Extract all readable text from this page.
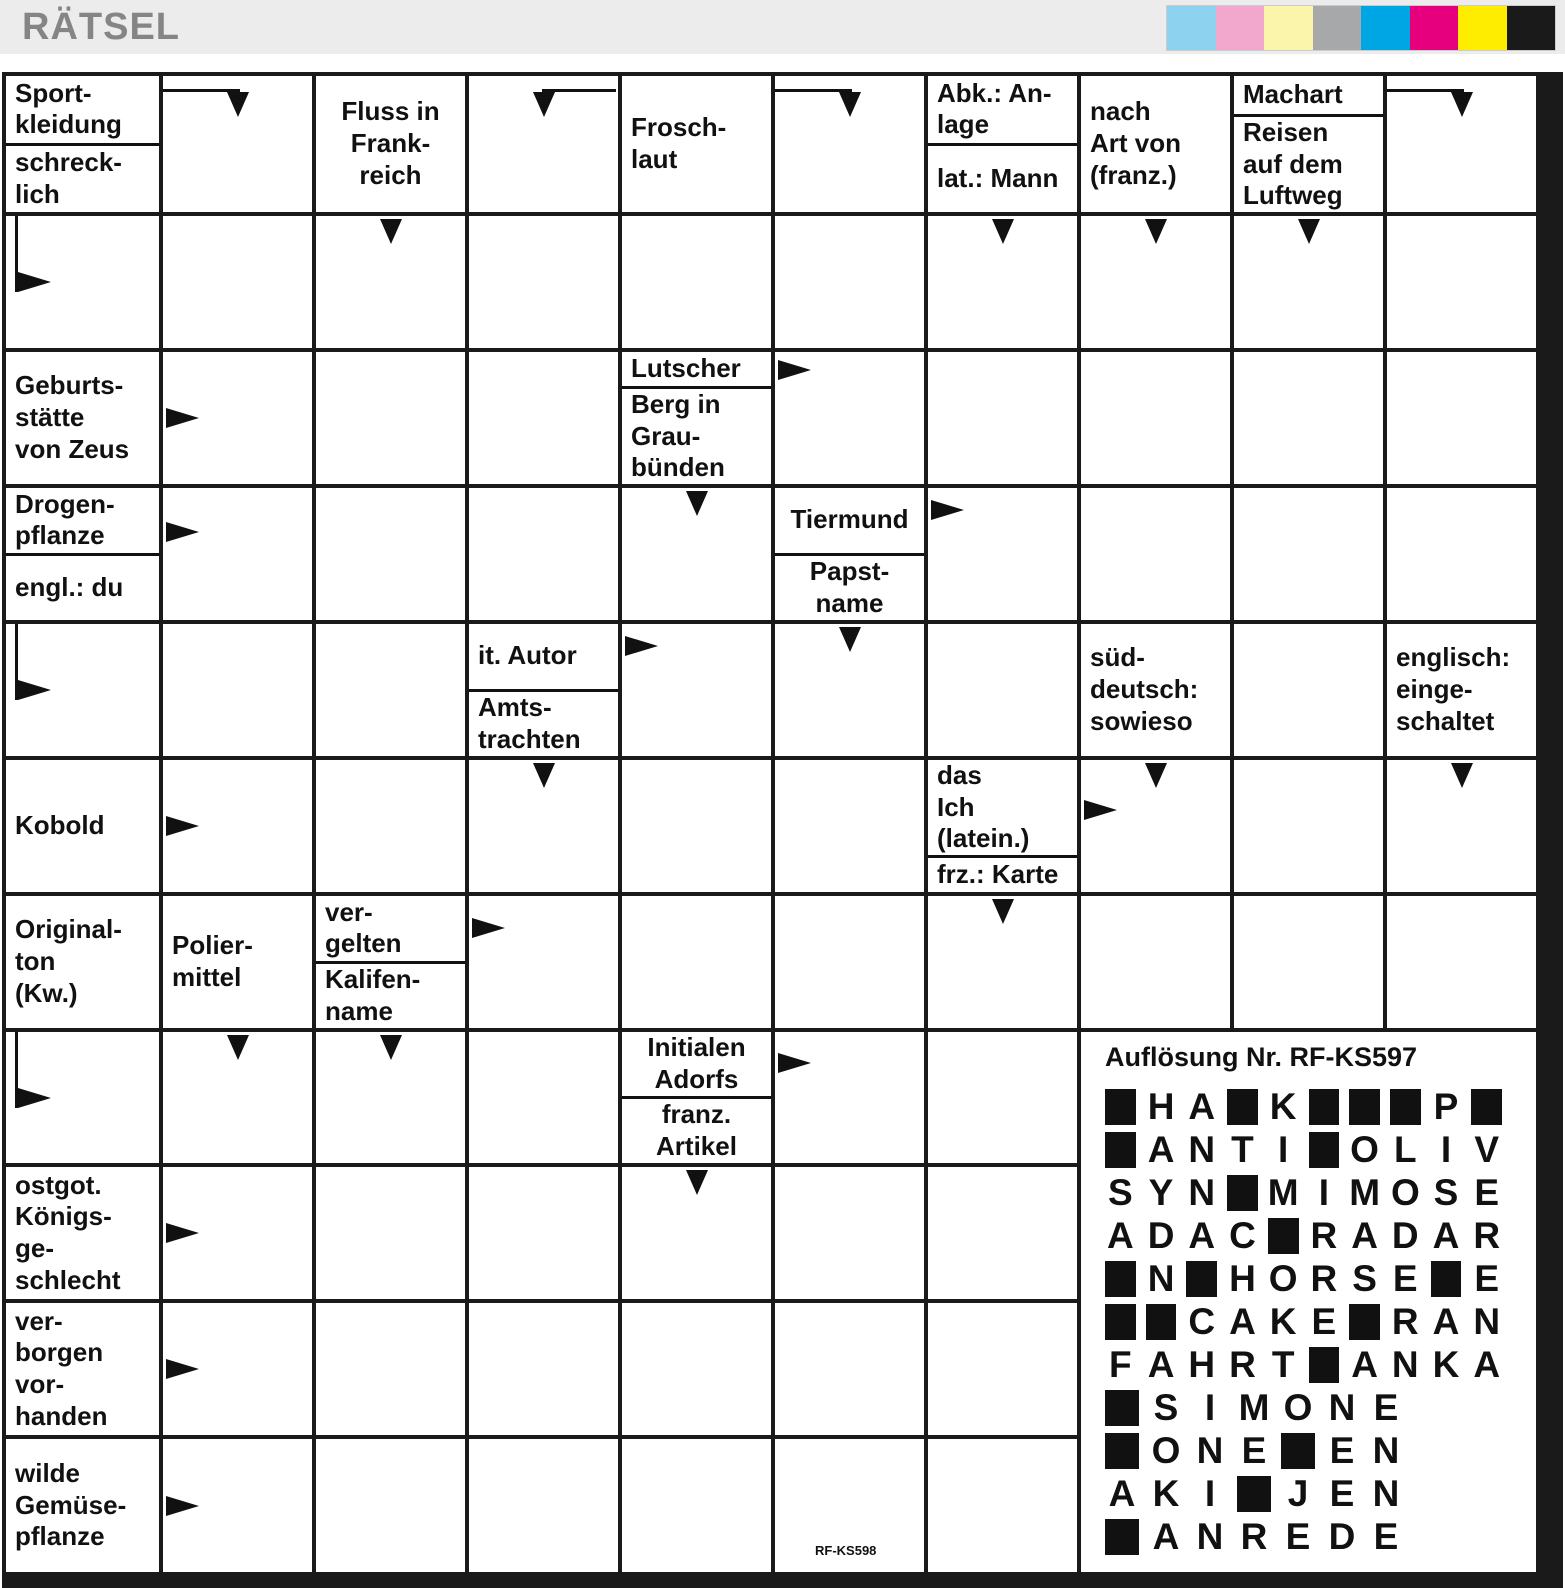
RÄTSEL
Sport-
kleidung
schreck-
lich
Fluss in
Frank-
reich
Frosch-
laut
Abk.: An-
lage
lat.: Mann
nach
Art von
(franz.)
Machart
Reisen
auf dem
Luftweg
Geburts-
stätte
von Zeus
Lutscher
Berg in
Grau-
bünden
Drogen-
pflanze
engl.: du
Tiermund
Papst-
name
it. Autor
Amts-
trachten
süd-
deutsch:
sowieso
englisch:
einge-
schaltet
Kobold
das
Ich
(latein.)
frz.: Karte
Original-
ton
(Kw.)
Polier-
mittel
ver-
gelten
Kalifen-
name
Initialen
Adorfs
franz.
Artikel
ostgot.
Königs-
ge-
schlecht
ver-
borgen
vor-
handen
wilde
Gemüse-
pflanze
Auflösung Nr. RF-KS597
H A K	P
A N T I O L I V
S Y N M I M O S E
A D A C R A D A R
N H O R S E E
C A K E R A N
F A H R T A N K A
S I M O N E
O N E E N
A K I	J E N
A N R E D E
RF-KS598
